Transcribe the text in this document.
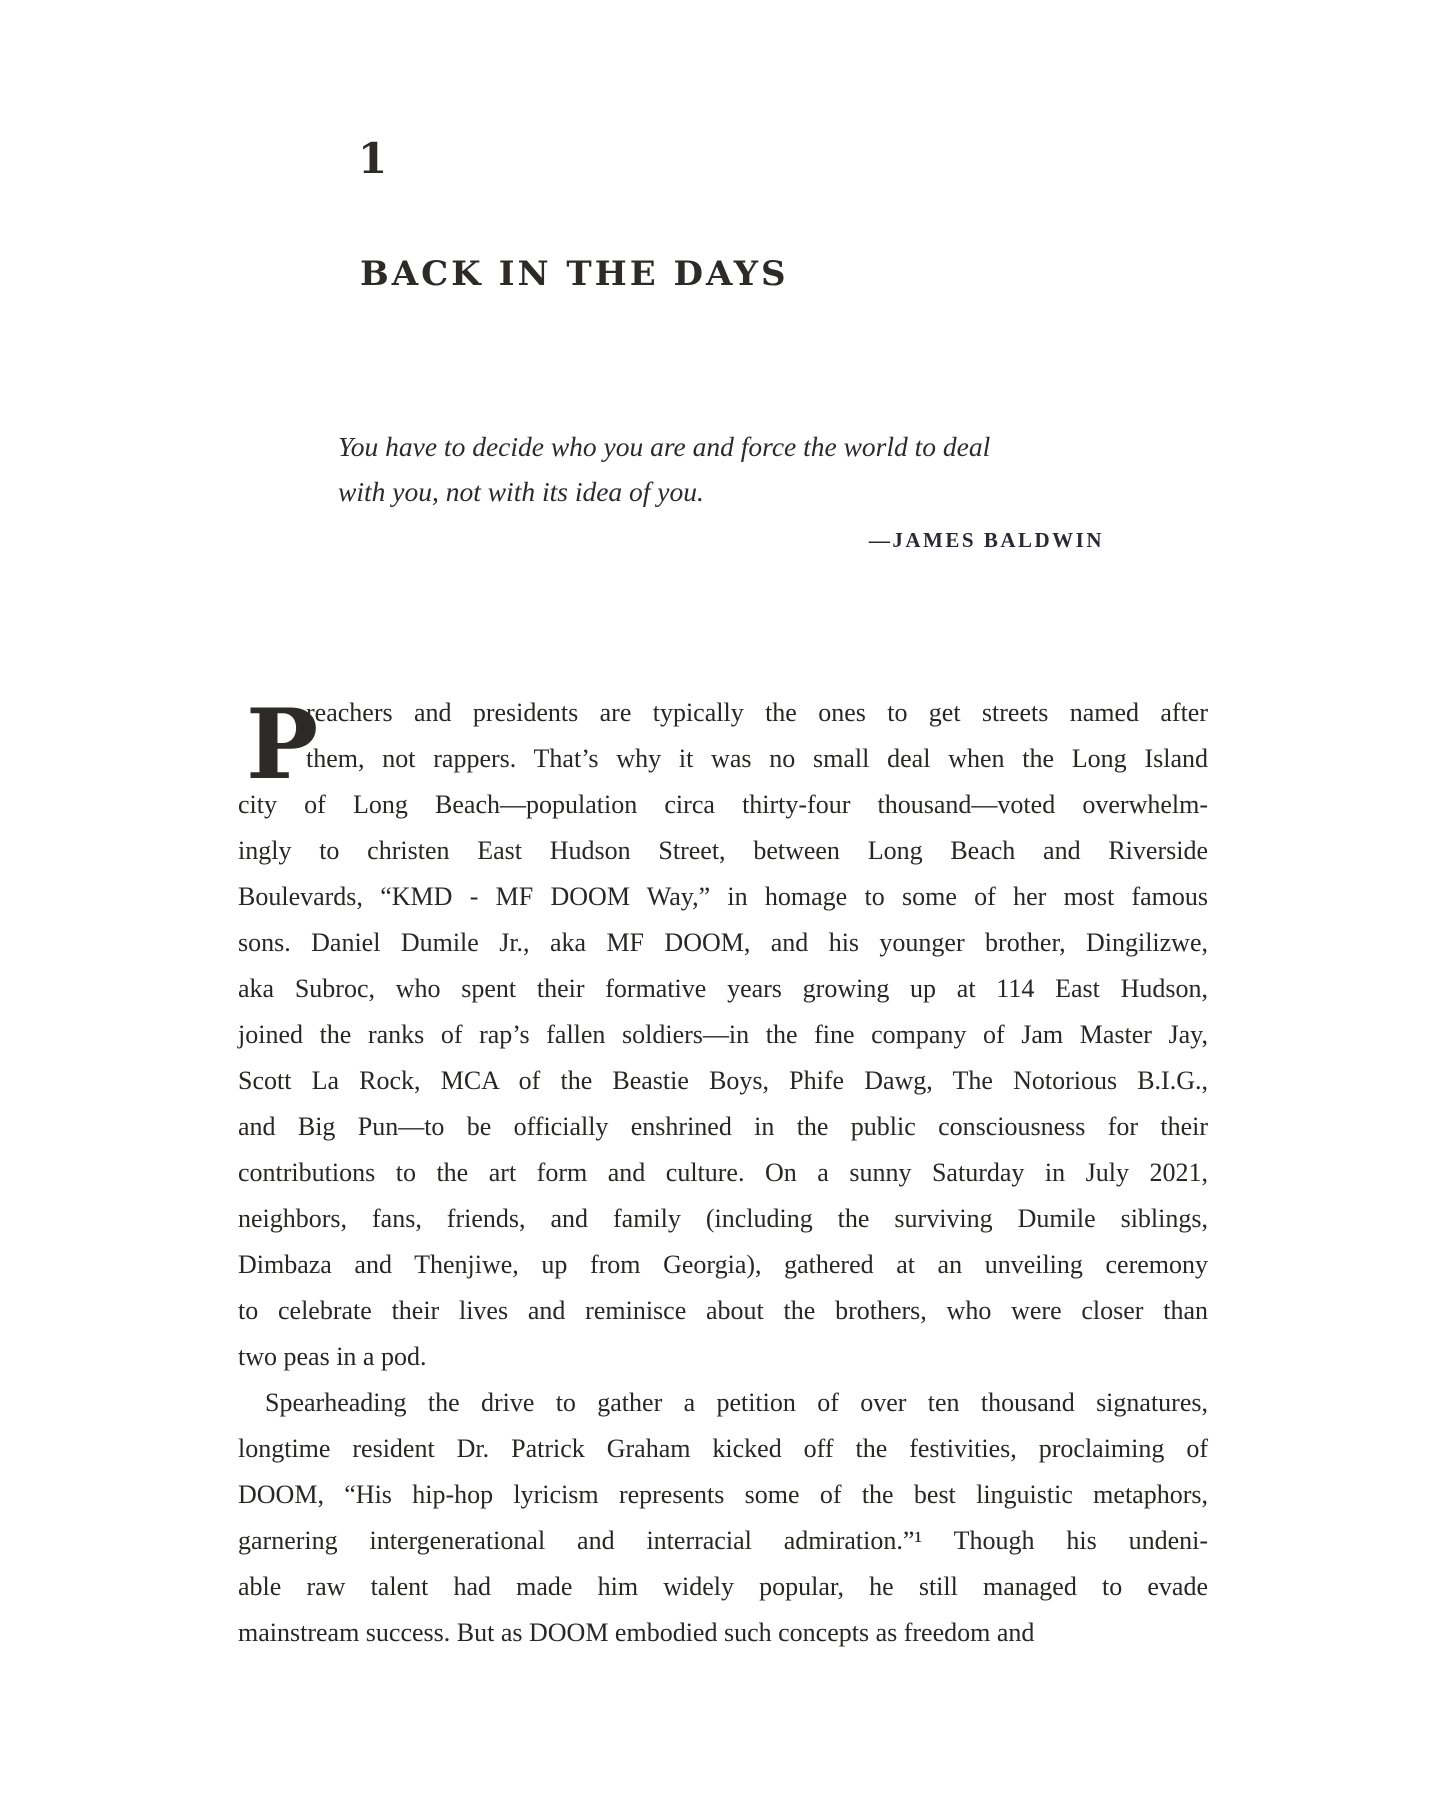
1
BACK IN THE DAYS
You have to decide who you are and force the world to deal
with you, not with its idea of you.
—JAMES BALDWIN
P
reachers and presidents are typically the ones to get streets named after
them, not rappers. That’s why it was no small deal when the Long Island
city of Long Beach—population circa thirty-four thousand—voted overwhelm-
ingly to christen East Hudson Street, between Long Beach and Riverside
Boulevards, “KMD - MF DOOM Way,” in homage to some of her most famous
sons. Daniel Dumile Jr., aka MF DOOM, and his younger brother, Dingilizwe,
aka Subroc, who spent their formative years growing up at 114 East Hudson,
joined the ranks of rap’s fallen soldiers—in the fine company of Jam Master Jay,
Scott La Rock, MCA of the Beastie Boys, Phife Dawg, The Notorious B.I.G.,
and Big Pun—to be officially enshrined in the public consciousness for their
contributions to the art form and culture. On a sunny Saturday in July 2021,
neighbors, fans, friends, and family (including the surviving Dumile siblings,
Dimbaza and Thenjiwe, up from Georgia), gathered at an unveiling ceremony
to celebrate their lives and reminisce about the brothers, who were closer than
two peas in a pod.
Spearheading the drive to gather a petition of over ten thousand signatures,
longtime resident Dr. Patrick Graham kicked off the festivities, proclaiming of
DOOM, “His hip-hop lyricism represents some of the best linguistic metaphors,
garnering intergenerational and interracial admiration.”¹ Though his undeni-
able raw talent had made him widely popular, he still managed to evade
mainstream success. But as DOOM embodied such concepts as freedom and
